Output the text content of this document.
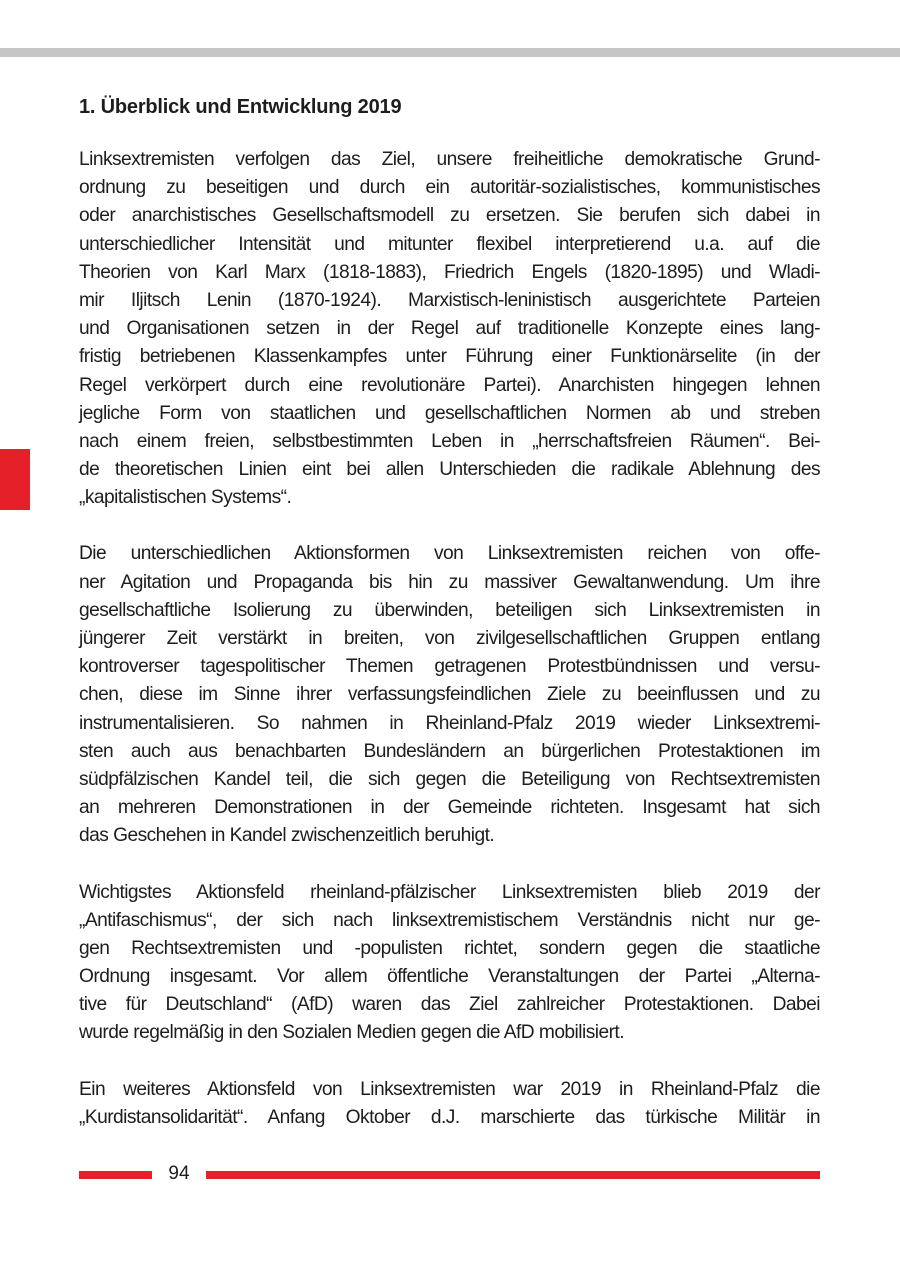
1. Überblick und Entwicklung 2019

Linksextremisten verfolgen das Ziel, unsere freiheitliche demokratische Grund-
ordnung zu beseitigen und durch ein autoritär-sozialistisches, kommunistisches
oder anarchistisches Gesellschaftsmodell zu ersetzen. Sie berufen sich dabei in
unterschiedlicher Intensität und mitunter flexibel interpretierend u.a. auf die
Theorien von Karl Marx (1818-1883), Friedrich Engels (1820-1895) und Wladi-
mir Iljitsch Lenin (1870-1924). Marxistisch-leninistisch ausgerichtete Parteien
und Organisationen setzen in der Regel auf traditionelle Konzepte eines lang-
fristig betriebenen Klassenkampfes unter Führung einer Funktionärselite (in der
Regel verkörpert durch eine revolutionäre Partei). Anarchisten hingegen lehnen
jegliche Form von staatlichen und gesellschaftlichen Normen ab und streben
nach einem freien, selbstbestimmten Leben in „herrschaftsfreien Räumen“. Bei-
de theoretischen Linien eint bei allen Unterschieden die radikale Ablehnung des
„kapitalistischen Systems“.

Die unterschiedlichen Aktionsformen von Linksextremisten reichen von offe-
ner Agitation und Propaganda bis hin zu massiver Gewaltanwendung. Um ihre
gesellschaftliche Isolierung zu überwinden, beteiligen sich Linksextremisten in
jüngerer Zeit verstärkt in breiten, von zivilgesellschaftlichen Gruppen entlang
kontroverser tagespolitischer Themen getragenen Protestbündnissen und versu-
chen, diese im Sinne ihrer verfassungsfeindlichen Ziele zu beeinflussen und zu
instrumentalisieren. So nahmen in Rheinland-Pfalz 2019 wieder Linksextremi-
sten auch aus benachbarten Bundesländern an bürgerlichen Protestaktionen im
südpfälzischen Kandel teil, die sich gegen die Beteiligung von Rechtsextremisten
an mehreren Demonstrationen in der Gemeinde richteten. Insgesamt hat sich
das Geschehen in Kandel zwischenzeitlich beruhigt.

Wichtigstes Aktionsfeld rheinland-pfälzischer Linksextremisten blieb 2019 der
„Antifaschismus“, der sich nach linksextremistischem Verständnis nicht nur ge-
gen Rechtsextremisten und -populisten richtet, sondern gegen die staatliche
Ordnung insgesamt. Vor allem öffentliche Veranstaltungen der Partei „Alterna-
tive für Deutschland“ (AfD) waren das Ziel zahlreicher Protestaktionen. Dabei
wurde regelmäßig in den Sozialen Medien gegen die AfD mobilisiert.

Ein weiteres Aktionsfeld von Linksextremisten war 2019 in Rheinland-Pfalz die
„Kurdistansolidarität“. Anfang Oktober d.J. marschierte das türkische Militär in

94
